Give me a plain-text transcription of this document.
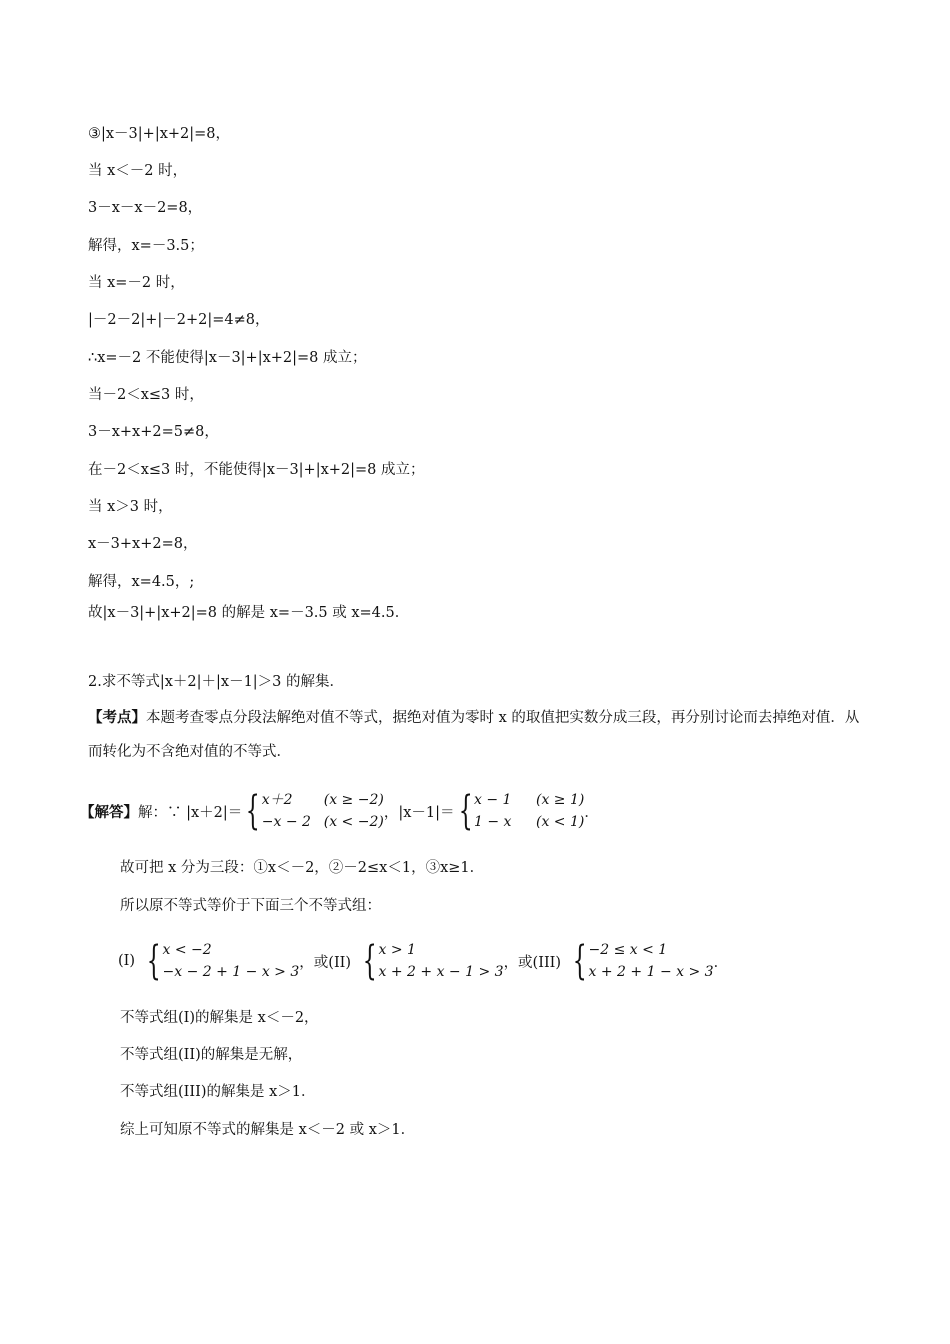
③|x－3|+|x+2|=8，
当 x＜－2 时，
3－x－x－2=8，
解得，x=－3.5；
当 x=－2 时，
|－2－2|+|－2+2|=4≠8，
∴x=－2 不能使得|x－3|+|x+2|=8 成立；
当－2＜x≤3 时，
3－x+x+2=5≠8，
在－2＜x≤3 时，不能使得|x－3|+|x+2|=8 成立；
当 x＞3 时，
x－3+x+2=8，
解得，x=4.5，;
故|x－3|+|x+2|=8 的解是 x=－3.5 或 x=4.5．
2.求不等式|x＋2|＋|x－1|＞3 的解集．
【考点】本题考查零点分段法解绝对值不等式，据绝对值为零时 x 的取值把实数分成三段，再分别讨论而去掉绝对值．从而转化为不含绝对值的不等式．
【解答】 解：∵ |x＋2|＝ { x＋2	(x ≥ −2)
−x − 2 (x < −2)
，|x－1|＝ { x − 1	(x ≥ 1)
1 − x	(x < 1)
．
故可把 x 分为三段：①x＜－2，②－2≤x＜1，③x≥1．
所以原不等式等价于下面三个不等式组：
(I) { x < −2
−x − 2 + 1 − x > 3
，或(II) { x > 1
x + 2 + x − 1 > 3
，或(III) { −2 ≤ x < 1
x + 2 + 1 − x > 3
．
不等式组(I)的解集是 x＜－2，
不等式组(II)的解集是无解，
不等式组(III)的解集是 x＞1．
综上可知原不等式的解集是 x＜－2 或 x＞1．
